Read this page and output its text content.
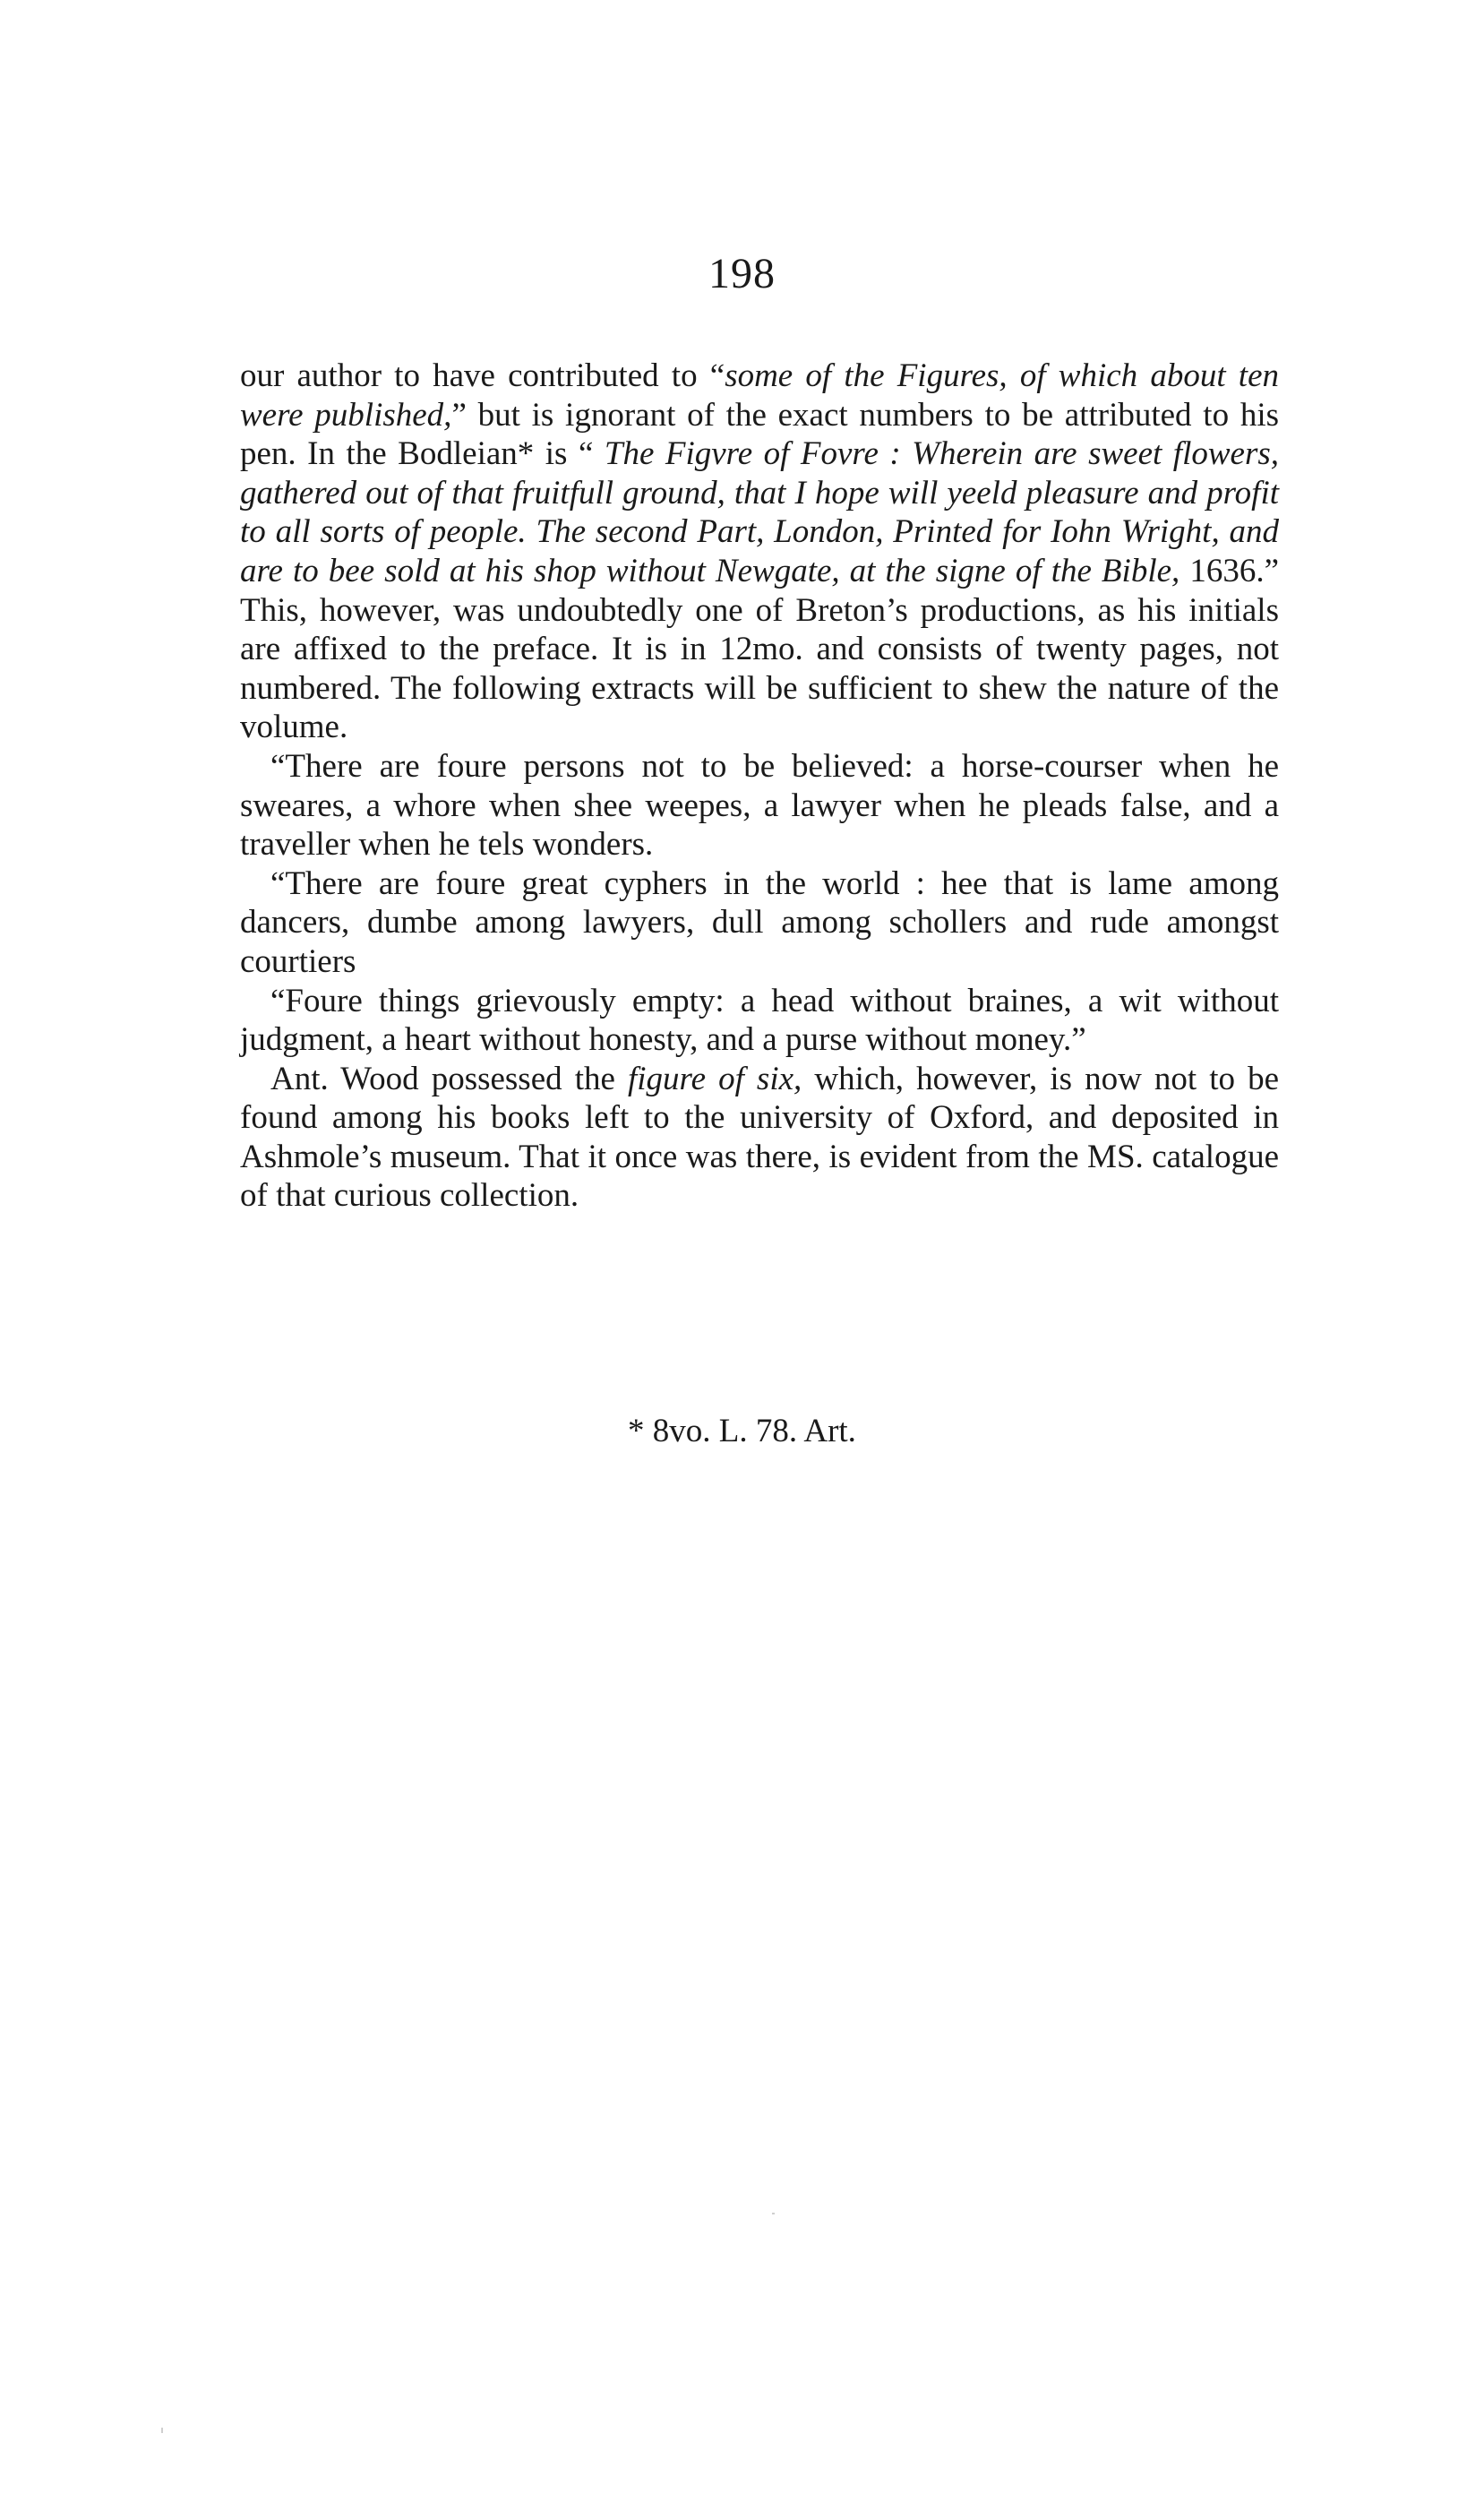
198

our author to have contributed to “some of the Figures, of which about ten were published,” but is ignorant of the exact numbers to be attributed to his pen. In the Bodleian* is “ The Figvre of Fovre : Wherein are sweet flowers, gathered out of that fruitfull ground, that I hope will yeeld pleasure and profit to all sorts of people. The second Part, London, Printed for Iohn Wright, and are to bee sold at his shop without Newgate, at the signe of the Bible, 1636.” This, however, was undoubtedly one of Breton’s productions, as his initials are affixed to the preface. It is in 12mo. and consists of twenty pages, not numbered. The following extracts will be sufficient to shew the nature of the volume.

“There are foure persons not to be believed: a horse-courser when he sweares, a whore when shee weepes, a lawyer when he pleads false, and a traveller when he tels wonders.

“There are foure great cyphers in the world : hee that is lame among dancers, dumbe among lawyers, dull among schollers and rude amongst courtiers

“Foure things grievously empty: a head without braines, a wit without judgment, a heart without honesty, and a purse without money.”

Ant. Wood possessed the figure of six, which, however, is now not to be found among his books left to the university of Oxford, and deposited in Ashmole’s museum. That it once was there, is evident from the MS. catalogue of that curious collection.

* 8vo. L. 78. Art.
